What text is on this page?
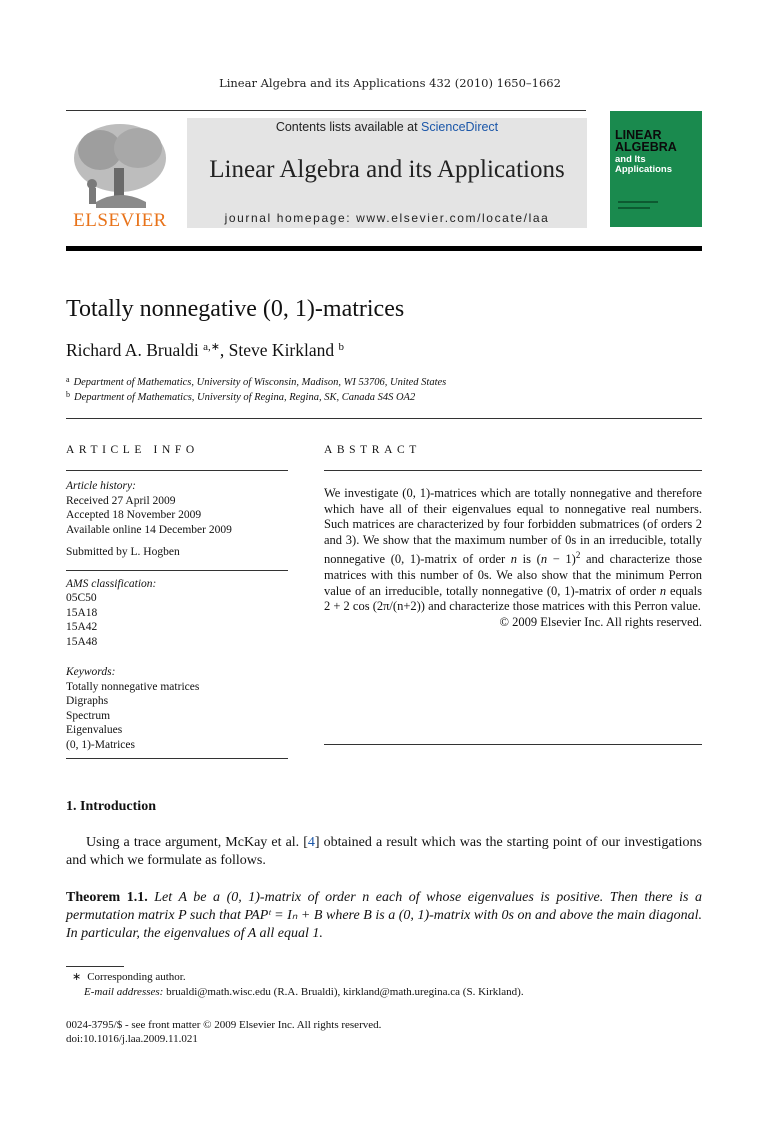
Linear Algebra and its Applications 432 (2010) 1650–1662
ELSEVIER
Contents lists available at ScienceDirect
Linear Algebra and its Applications
journal homepage: www.elsevier.com/locate/laa
LINEAR
ALGEBRA
and Its
Applications
Totally nonnegative (0, 1)-matrices
Richard A. Brualdi $^{a,∗}$, Steve Kirkland $^b$
$^a$ Department of Mathematics, University of Wisconsin, Madison, WI 53706, United States
$^b$ Department of Mathematics, University of Regina, Regina, SK, Canada S4S OA2
ARTICLE INFO
Article history:
Received 27 April 2009
Accepted 18 November 2009
Available online 14 December 2009
Submitted by L. Hogben
AMS classification:
05C50
15A18
15A42
15A48
Keywords:
Totally nonnegative matrices
Digraphs
Spectrum
Eigenvalues
(0, 1)-Matrices
ABSTRACT
We investigate (0, 1)-matrices which are totally nonnegative and therefore which have all of their eigenvalues equal to nonnegative real numbers. Such matrices are characterized by four forbidden submatrices (of orders 2 and 3). We show that the maximum number of 0s in an irreducible, totally nonnegative (0, 1)-matrix of order n is $(n - 1)^2$ and characterize those matrices with this number of 0s. We also show that the minimum Perron value of an irreducible, totally nonnegative (0, 1)-matrix of order n equals 2 + 2 cos (2π/(n+2)) and characterize those matrices with this Perron value.
© 2009 Elsevier Inc. All rights reserved.
1. Introduction
Using a trace argument, McKay et al. [4] obtained a result which was the starting point of our investigations and which we formulate as follows.
Theorem 1.1. Let A be a (0, 1)-matrix of order n each of whose eigenvalues is positive. Then there is a permutation matrix P such that PAPᵗ = Iₙ + B where B is a (0, 1)-matrix with 0s on and above the main diagonal. In particular, the eigenvalues of A all equal 1.
∗ Corresponding author.
E-mail addresses: brualdi@math.wisc.edu (R.A. Brualdi), kirkland@math.uregina.ca (S. Kirkland).
0024-3795/$ - see front matter © 2009 Elsevier Inc. All rights reserved.
doi:10.1016/j.laa.2009.11.021
